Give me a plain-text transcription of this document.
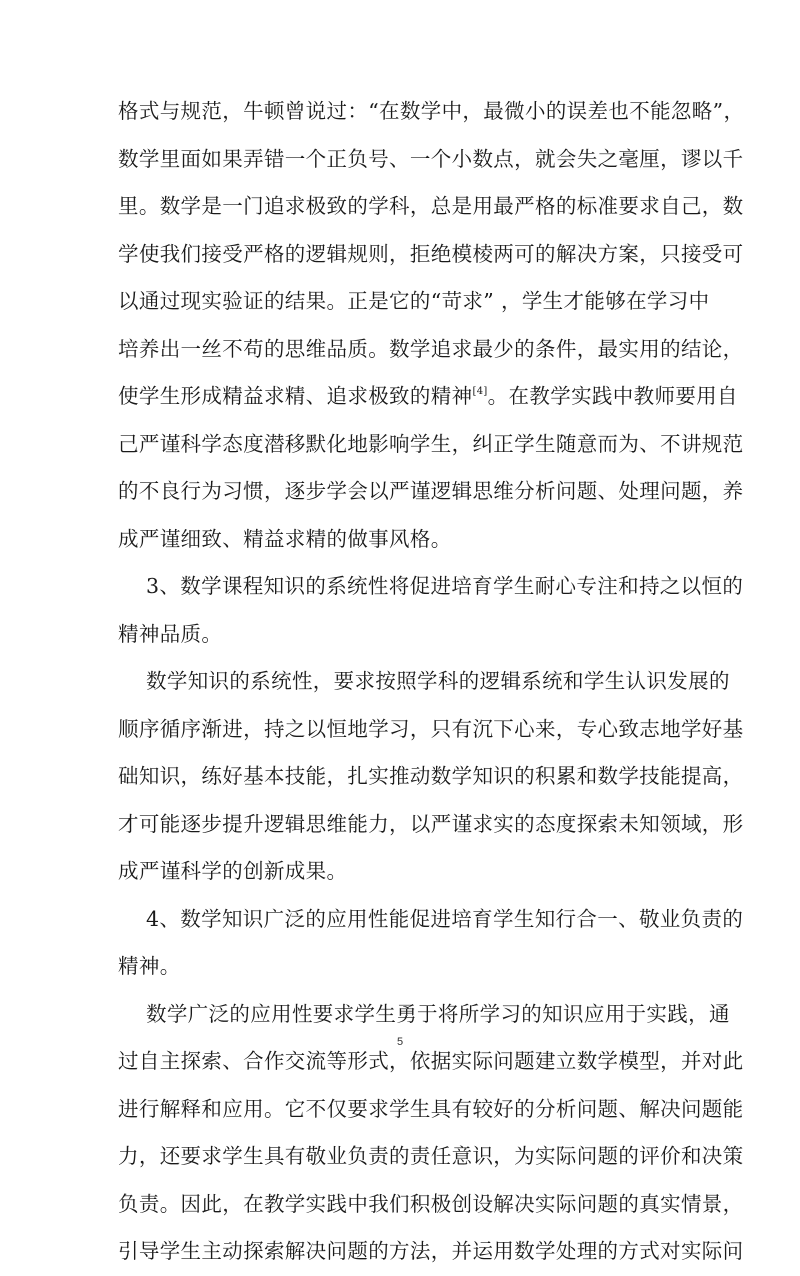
格式与规范，牛顿曾说过：“在数学中，最微小的误差也不能忽略”，
数学里面如果弄错一个正负号、一个小数点，就会失之毫厘，谬以千
里。数学是一门追求极致的学科，总是用最严格的标准要求自己，数
学使我们接受严格的逻辑规则，拒绝模棱两可的解决方案，只接受可
以通过现实验证的结果。正是它的“苛求” ，学生才能够在学习中
培养出一丝不苟的思维品质。数学追求最少的条件，最实用的结论，
使学生形成精益求精、追求极致的精神[4]。在教学实践中教师要用自
己严谨科学态度潜移默化地影响学生，纠正学生随意而为、不讲规范
的不良行为习惯，逐步学会以严谨逻辑思维分析问题、处理问题，养
成严谨细致、精益求精的做事风格。
3、数学课程知识的系统性将促进培育学生耐心专注和持之以恒的
精神品质。
数学知识的系统性，要求按照学科的逻辑系统和学生认识发展的
顺序循序渐进，持之以恒地学习，只有沉下心来，专心致志地学好基
础知识，练好基本技能，扎实推动数学知识的积累和数学技能提高，
才可能逐步提升逻辑思维能力，以严谨求实的态度探索未知领域，形
成严谨科学的创新成果。
4、数学知识广泛的应用性能促进培育学生知行合一、敬业负责的
精神。
数学广泛的应用性要求学生勇于将所学习的知识应用于实践，通
过自主探索、合作交流等形式，依据实际问题建立数学模型，并对此
进行解释和应用。它不仅要求学生具有较好的分析问题、解决问题能
力，还要求学生具有敬业负责的责任意识，为实际问题的评价和决策
负责。因此，在教学实践中我们积极创设解决实际问题的真实情景，
引导学生主动探索解决问题的方法，并运用数学处理的方式对实际问
5
